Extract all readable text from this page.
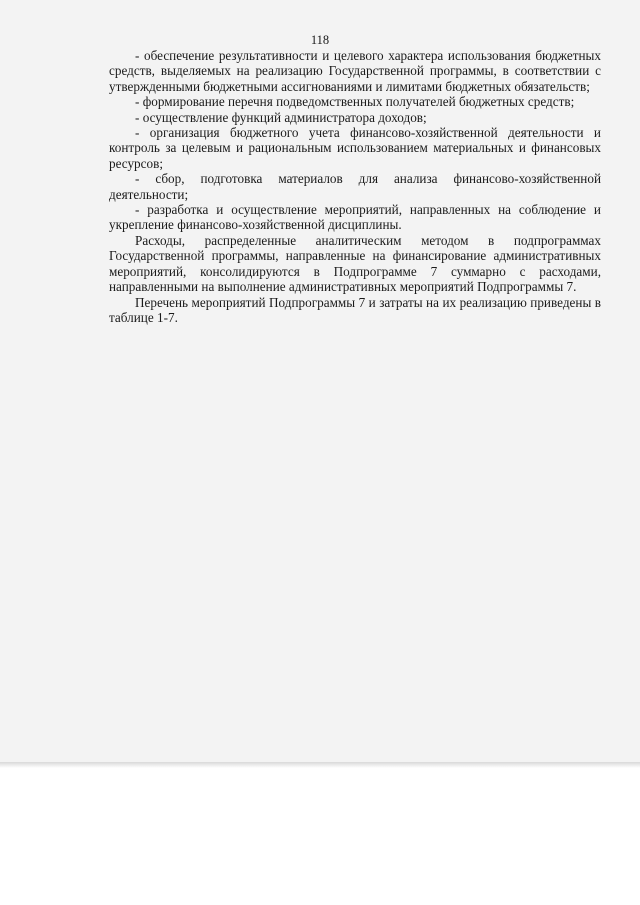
118

- обеспечение результативности и целевого характера использования бюджетных средств, выделяемых на реализацию Государственной программы, в соответствии с утвержденными бюджетными ассигнованиями и лимитами бюджетных обязательств;

- формирование перечня подведомственных получателей бюджетных средств;

- осуществление функций администратора доходов;

- организация бюджетного учета финансово-хозяйственной деятельности и контроль за целевым и рациональным использованием материальных и финансовых ресурсов;

- сбор, подготовка материалов для анализа финансово-хозяйственной деятельности;

- разработка и осуществление мероприятий, направленных на соблюдение и укрепление финансово-хозяйственной дисциплины.

Расходы, распределенные аналитическим методом в подпрограммах Государственной программы, направленные на финансирование административных мероприятий, консолидируются в Подпрограмме 7 суммарно с расходами, направленными на выполнение административных мероприятий Подпрограммы 7.

Перечень мероприятий Подпрограммы 7 и затраты на их реализацию приведены в таблице 1-7.
